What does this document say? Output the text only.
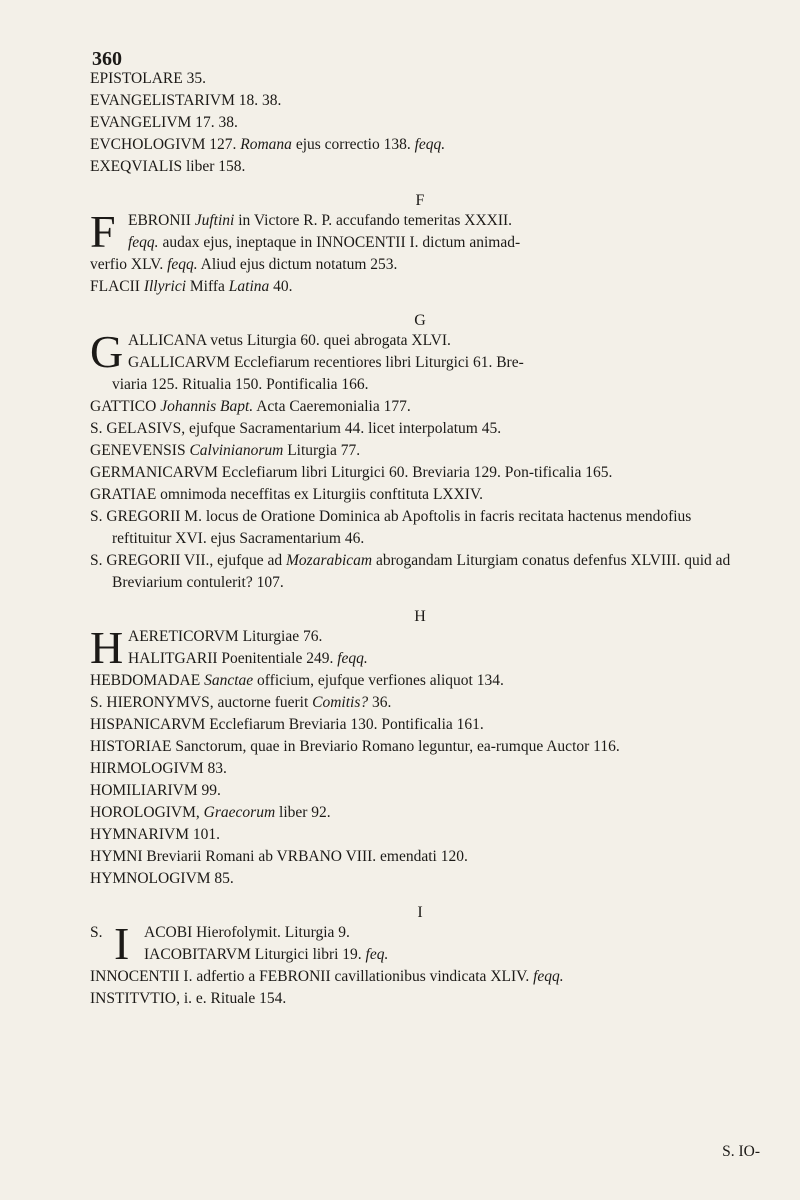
360
EPISTOLARE 35.
EVANGELISTARIVM 18. 38.
EVANGELIVM 17. 38.
EVCHOLOGIVM 127. Romana ejus correctio 138. feqq.
EXEQVIALIS liber 158.
F
F EBRONII Juftini in Victore R. P. accufando temeritas XXXII.
feqq. audax ejus, ineptaque in INNOCENTII I. dictum animad-
verfio XLV. feqq. Aliud ejus dictum notatum 253.
FLACII Illyrici Miffa Latina 40.
G
G ALLICANA vetus Liturgia 60. quei abrogata XLVI.
GALLICARVM Ecclefiarum recentiores libri Liturgici 61. Bre-
viaria 125. Ritualia 150. Pontificalia 166.
GATTICO Johannis Bapt. Acta Caeremonialia 177.
S. GELASIVS, ejufque Sacramentarium 44. licet interpolatum 45.
GENEVENSIS Calvinianorum Liturgia 77.
GERMANICARVM Ecclefiarum libri Liturgici 60. Breviaria 129. Pon-tificalia 165.
GRATIAE omnimoda neceffitas ex Liturgiis conftituta LXXIV.
S. GREGORII M. locus de Oratione Dominica ab Apoftolis in facris recitata hactenus mendofius reftituitur XVI. ejus Sacramentarium 46.
S. GREGORII VII., ejufque ad Mozarabicam abrogandam Liturgiam conatus defenfus XLVIII. quid ad Breviarium contulerit? 107.
H
H AERETICORVM Liturgiae 76.
HALITGARII Poenitentiale 249. feqq.
HEBDOMADAE Sanctae officium, ejufque verfiones aliquot 134.
S. HIERONYMVS, auctorne fuerit Comitis? 36.
HISPANICARVM Ecclefiarum Breviaria 130. Pontificalia 161.
HISTORIAE Sanctorum, quae in Breviario Romano leguntur, ea-rumque Auctor 116.
HIRMOLOGIVM 83.
HOMILIARIVM 99.
HOROLOGIVM, Graecorum liber 92.
HYMNARIVM 101.
HYMNI Breviarii Romani ab VRBANO VIII. emendati 120.
HYMNOLOGIVM 85.
I
S. I ACOBI Hierofolymit. Liturgia 9.
IACOBITARVM Liturgici libri 19. feq.
INNOCENTII I. adfertio a FEBRONII cavillationibus vindicata XLIV. feqq.
INSTITVTIO, i. e. Rituale 154.
S. IO-
